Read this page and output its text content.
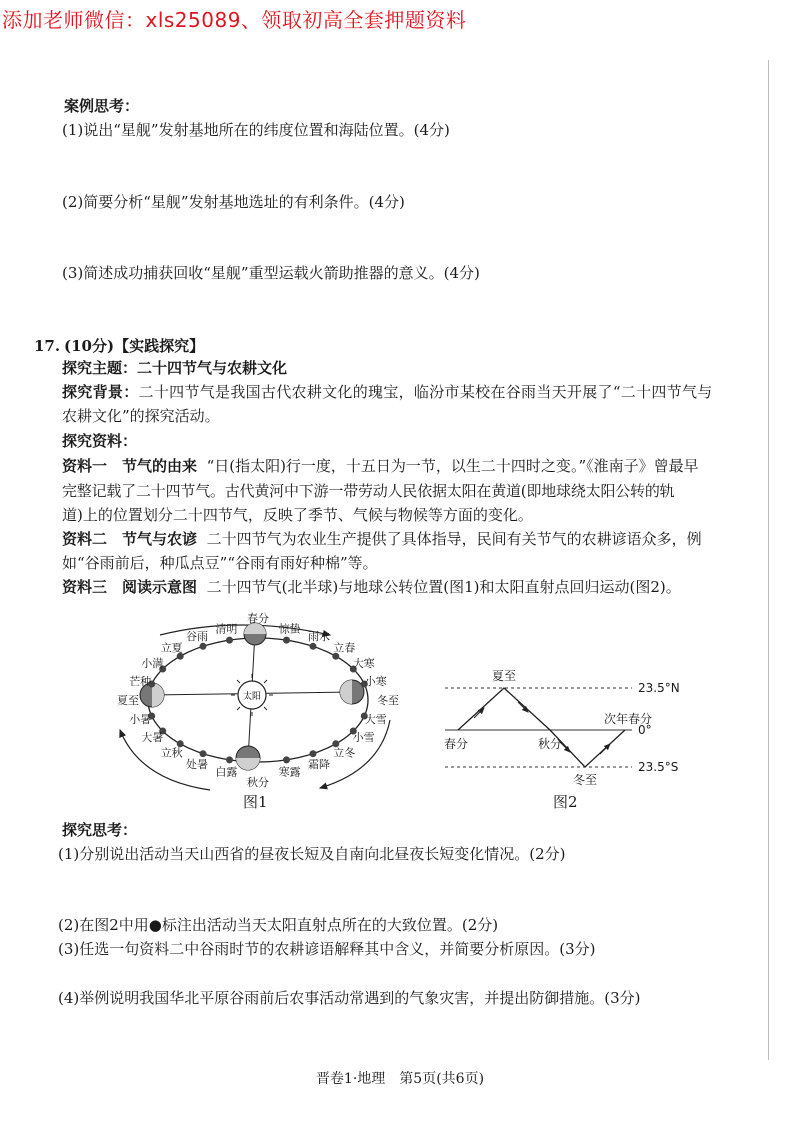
添加老师微信：xls25089、领取初高全套押题资料
案例思考：
(1)说出“星舰”发射基地所在的纬度位置和海陆位置。(4分)
(2)简要分析“星舰”发射基地选址的有利条件。(4分)
(3)简述成功捕获回收“星舰”重型运载火箭助推器的意义。(4分)
17. (10分)【实践探究】
探究主题：二十四节气与农耕文化
探究背景：二十四节气是我国古代农耕文化的瑰宝，临汾市某校在谷雨当天开展了“二十四节气与
农耕文化”的探究活动。
探究资料：
资料一　节气的由来 “日(指太阳)行一度，十五日为一节，以生二十四时之变。”《淮南子》曾最早
完整记载了二十四节气。古代黄河中下游一带劳动人民依据太阳在黄道(即地球绕太阳公转的轨
道)上的位置划分二十四节气，反映了季节、气候与物候等方面的变化。
资料二　节气与农谚 二十四节气为农业生产提供了具体指导，民间有关节气的农耕谚语众多，例
如“谷雨前后，种瓜点豆”“谷雨有雨好种棉”等。
资料三　阅读示意图 二十四节气(北半球)与地球公转位置(图1)和太阳直射点回归运动(图2)。
太阳
春分
惊蛰
雨水
立春
大寒
小寒
冬至
大雪
小雪
立冬
霜降
寒露
秋分
白露
处暑
立秋
大暑
小暑
夏至
芒种
小满
立夏
谷雨
清明
图1
夏至
春分	秋分
冬至
次年春分
23.5°N
0°
23.5°S
图2
探究思考：
(1)分别说出活动当天山西省的昼夜长短及自南向北昼夜长短变化情况。(2分)
(2)在图2中用●标注出活动当天太阳直射点所在的大致位置。(2分)
(3)任选一句资料二中谷雨时节的农耕谚语解释其中含义，并简要分析原因。(3分)
(4)举例说明我国华北平原谷雨前后农事活动常遇到的气象灾害，并提出防御措施。(3分)
晋卷1·地理　第5页(共6页)
